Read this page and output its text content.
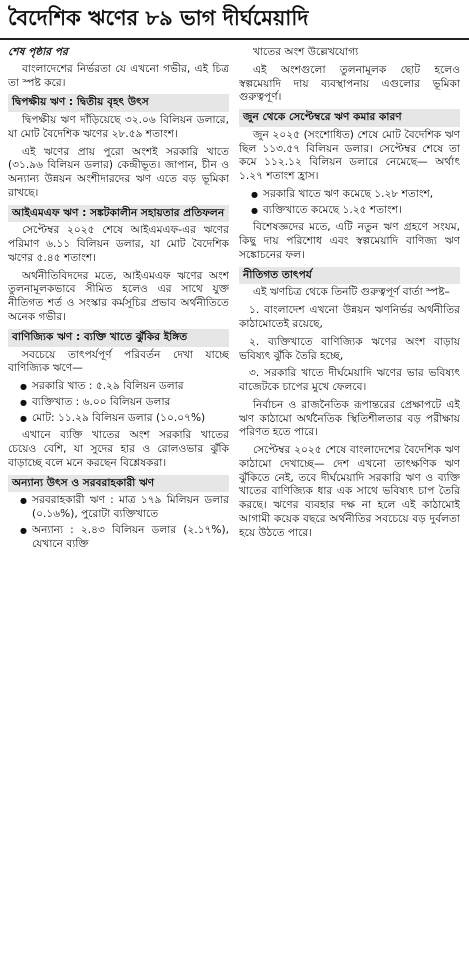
বৈদেশিক ঋণের ৮৯ ভাগ দীর্ঘমেয়াদি
শেষ পৃষ্ঠার পর

বাংলাদেশের নির্ভরতা যে এখনো গভীর, এই চিত্র তা স্পষ্ট করে।

দ্বিপক্ষীয় ঋণ : দ্বিতীয় বৃহৎ উৎস

দ্বিপক্ষীয় ঋণ দাঁড়িয়েছে ৩২.০৬ বিলিয়ন ডলারে, যা মোট বৈদেশিক ঋণের ২৮.৫৯ শতাংশ।

এই ঋণের প্রায় পুরো অংশই সরকারি খাতে (৩১.৯৬ বিলিয়ন ডলার) কেন্দ্রীভূত। জাপান, চীন ও অন্যান্য উন্নয়ন অংশীদারদের ঋণ এতে বড় ভূমিকা রাখছে।

আইএমএফ ঋণ : সঙ্কটকালীন সহায়তার প্রতিফলন

সেপ্টেম্বর ২০২৫ শেষে আইএমএফ-এর ঋণের পরিমাণ ৬.১১ বিলিয়ন ডলার, যা মোট বৈদেশিক ঋণের ৫.৪৫ শতাংশ।

অর্থনীতিবিদদের মতে, আইএমএফ ঋণের অংশ তুলনামূলকভাবে সীমিত হলেও এর সাথে যুক্ত নীতিগত শর্ত ও সংস্কার কর্মসূচির প্রভাব অর্থনীতিতে অনেক গভীর।

বাণিজ্যিক ঋণ : ব্যক্তি খাতে ঝুঁকির ইঙ্গিত

সবচেয়ে তাৎপর্যপূর্ণ পরিবর্তন দেখা যাচ্ছে বাণিজ্যিক ঋণে—

● সরকারি খাত : ৫.২৯ বিলিয়ন ডলার
● ব্যক্তিখাত : ৬.০০ বিলিয়ন ডলার
● মোট: ১১.২৯ বিলিয়ন ডলার (১০.০৭%)

এখানে ব্যক্তি খাতের অংশ সরকারি খাতের চেয়েও বেশি, যা সুদের হার ও রোলওভার ঝুঁকি বাড়াচ্ছে বলে মনে করছেন বিশ্লেষকরা।

অন্যান্য উৎস ও সরবরাহকারী ঋণ
● সরবরাহকারী ঋণ : মাত্র ১৭৯ মিলিয়ন ডলার (০.১৬%), পুরোটা ব্যক্তিখাতে
● অন্যান্য : ২.৪৩ বিলিয়ন ডলার (২.১৭%), যেখানে ব্যক্তি

খাতের অংশ উল্লেখযোগ্য

এই অংশগুলো তুলনামূলক ছোট হলেও স্বল্পমেয়াদি দায় ব্যবস্থাপনায় এগুলোর ভূমিকা গুরুত্বপূর্ণ।

জুন থেকে সেপ্টেম্বরে ঋণ কমার কারণ

জুন ২০২৫ (সংশোধিত) শেষে মোট বৈদেশিক ঋণ ছিল ১১৩.৫৭ বিলিয়ন ডলার। সেপ্টেম্বর শেষে তা কমে ১১২.১২ বিলিয়ন ডলারে নেমেছে— অর্থাৎ ১.২৭ শতাংশ হ্রাস।

● সরকারি খাতে ঋণ কমেছে ১.২৮ শতাংশ,
● ব্যক্তিখাতে কমেছে ১.২৫ শতাংশ।

বিশেষজ্ঞদের মতে, এটি নতুন ঋণ গ্রহণে সংযম, কিছু দায় পরিশোধ এবং স্বল্পমেয়াদি বাণিজ্য ঋণ সঙ্কোচনের ফল।

নীতিগত তাৎপর্য

এই ঋণচিত্র থেকে তিনটি গুরুত্বপূর্ণ বার্তা স্পষ্ট–

১. বাংলাদেশ এখনো উন্নয়ন ঋণনির্ভর অর্থনীতির কাঠামোতেই রয়েছে,

২. ব্যক্তিখাতে বাণিজ্যিক ঋণের অংশ বাড়ায় ভবিষ্যৎ ঝুঁকি তৈরি হচ্ছে,

৩. সরকারি খাতে দীর্ঘমেয়াদি ঋণের ভার ভবিষ্যৎ বাজেটকে চাপের মুখে ফেলবে।

নির্বাচন ও রাজনৈতিক রূপান্তরের প্রেক্ষাপটে এই ঋণ কাঠামো অর্থনৈতিক স্থিতিশীলতার বড় পরীক্ষায় পরিণত হতে পারে।

সেপ্টেম্বর ২০২৫ শেষে বাংলাদেশের বৈদেশিক ঋণ কাঠামো দেখাচ্ছে— দেশ এখনো তাৎক্ষণিক ঋণ ঝুঁকিতে নেই, তবে দীর্ঘমেয়াদি সরকারি ঋণ ও ব্যক্তি খাতের বাণিজ্যিক ধার এক সাথে ভবিষ্যৎ চাপ তৈরি করছে। ঋণের ব্যবহার দক্ষ না হলে এই কাঠামোই আগামী কয়েক বছরে অর্থনীতির সবচেয়ে বড় দুর্বলতা হয়ে উঠতে পারে।
